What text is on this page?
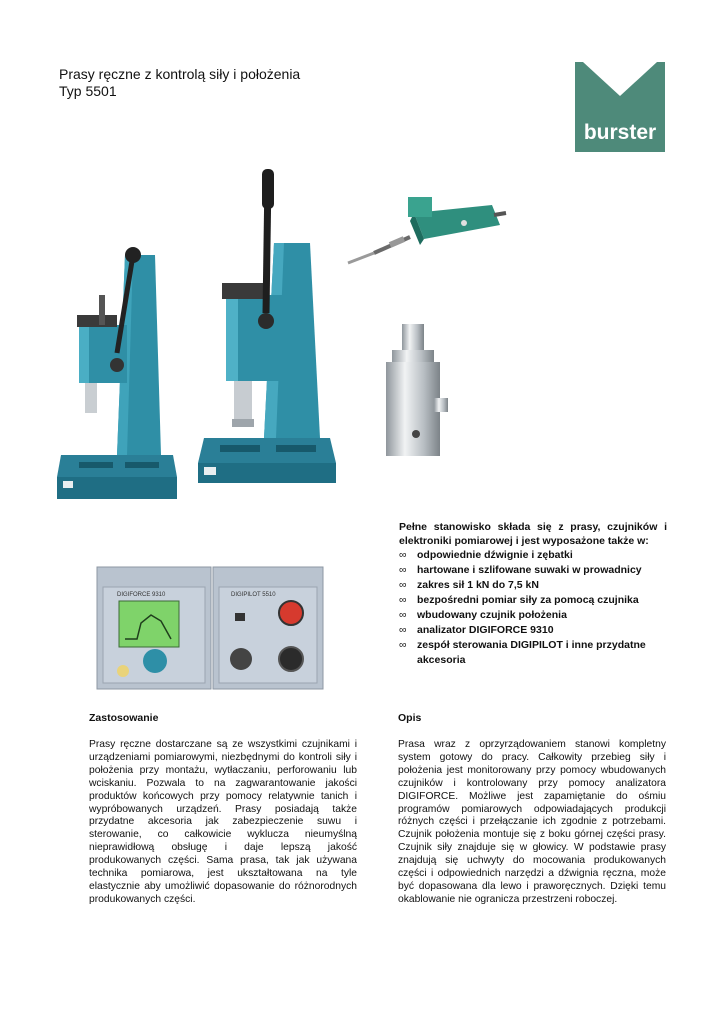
Prasy ręczne z kontrolą siły i położenia
Typ 5501
burster
DIGIFORCE 9310	DIGIPILOT 5510
Pełne stanowisko składa się z prasy, czujników i elektroniki pomiarowej i jest wyposażone także w:
∞ odpowiednie dźwignie i zębatki
∞ hartowane i szlifowane suwaki w prowadnicy
∞ zakres sił 1 kN do 7,5 kN
∞ bezpośredni pomiar siły za pomocą czujnika
∞ wbudowany czujnik położenia
∞ analizator DIGIFORCE 9310
∞ zespół sterowania DIGIPILOT i inne przydatne akcesoria
Zastosowanie

Prasy ręczne dostarczane są ze wszystkimi czujnikami i urządzeniami pomiarowymi, niezbędnymi do kontroli siły i położenia przy montażu, wytłaczaniu, perforowaniu lub wciskaniu. Pozwala to na zagwarantowanie jakości produktów końcowych przy pomocy relatywnie tanich i wypróbowanych urządzeń. Prasy posiadają także przydatne akcesoria jak zabezpieczenie suwu i sterowanie, co całkowicie wyklucza nieumyślną nieprawidłową obsługę i daje lepszą jakość produkowanych części. Sama prasa, tak jak używana technika pomiarowa, jest ukształtowana na tyle elastycznie aby umożliwić dopasowanie do różnorodnych produkowanych części.

Opis

Prasa wraz z oprzyrządowaniem stanowi kompletny system gotowy do pracy. Całkowity przebieg siły i położenia jest monitorowany przy pomocy wbudowanych czujników i kontrolowany przy pomocy analizatora DIGIFORCE. Możliwe jest zapamiętanie do ośmiu programów pomiarowych odpowiadających produkcji różnych części i przełączanie ich zgodnie z potrzebami. Czujnik położenia montuje się z boku górnej części prasy. Czujnik siły znajduje się w głowicy. W podstawie prasy znajdują się uchwyty do mocowania produkowanych części i odpowiednich narzędzi a dźwignia ręczna, może być dopasowana dla lewo i praworęcznych. Dzięki temu okablowanie nie ogranicza przestrzeni roboczej.
